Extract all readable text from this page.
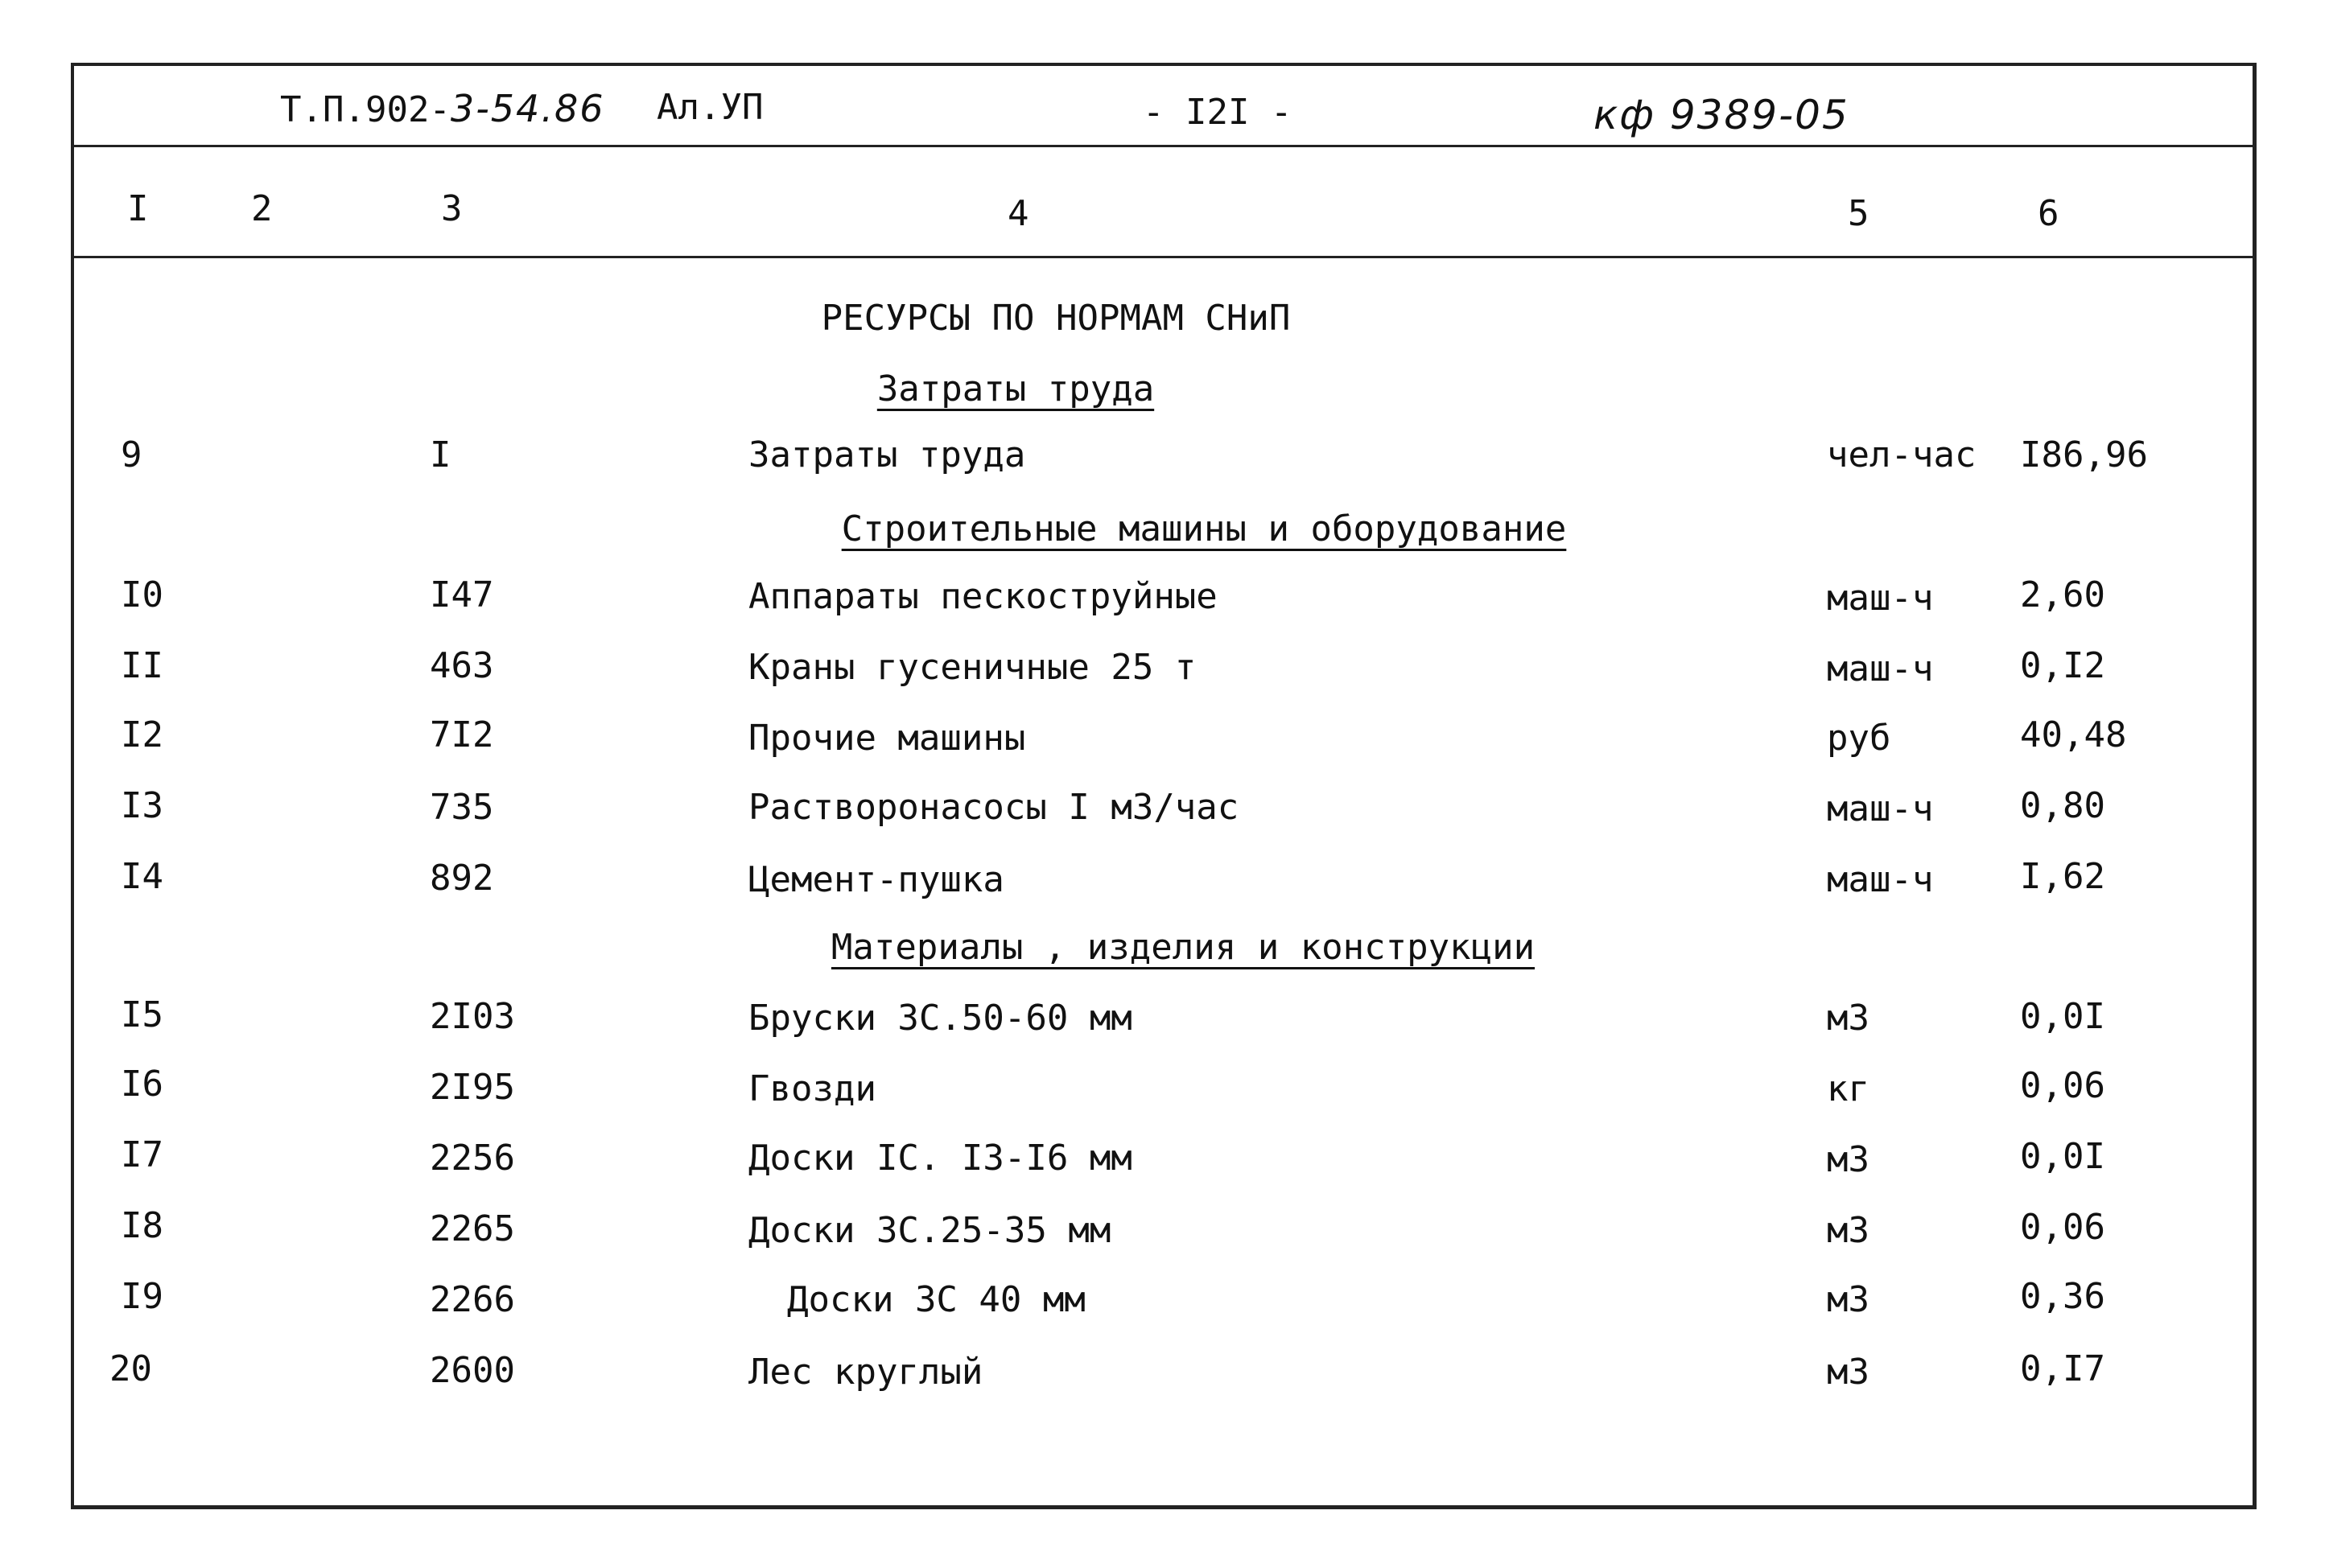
Т.П.902-3-54.86 Ал.УП	- I2I -	кф 9389-05
I	2	3	4	5	6
РЕСУРСЫ ПО НОРМАМ СНиП
Затраты труда
9	I	Затраты труда	чел-час I86,96
Строительные машины и оборудование
I0	I47	Аппараты пескоструйные	маш-ч 2,60
II	463	Краны гусеничные 25 т	маш-ч 0,I2
I2	7I2	Прочие машины	руб	40,48
I3	735	Растворонасосы I м3/час	маш-ч 0,80
I4	892	Цемент-пушка	маш-ч I,62
Материалы , изделия и конструкции
I5	2I03	Бруски 3С.50-60 мм	м3	0,0I
I6	2I95	Гвозди	кг	0,06
I7	2256	Доски IС. I3-I6 мм	м3	0,0I
I8	2265	Доски 3С.25-35 мм	м3	0,06
I9	2266	Доски 3С 40 мм	м3	0,36
20	2600	Лес круглый	м3	0,I7
